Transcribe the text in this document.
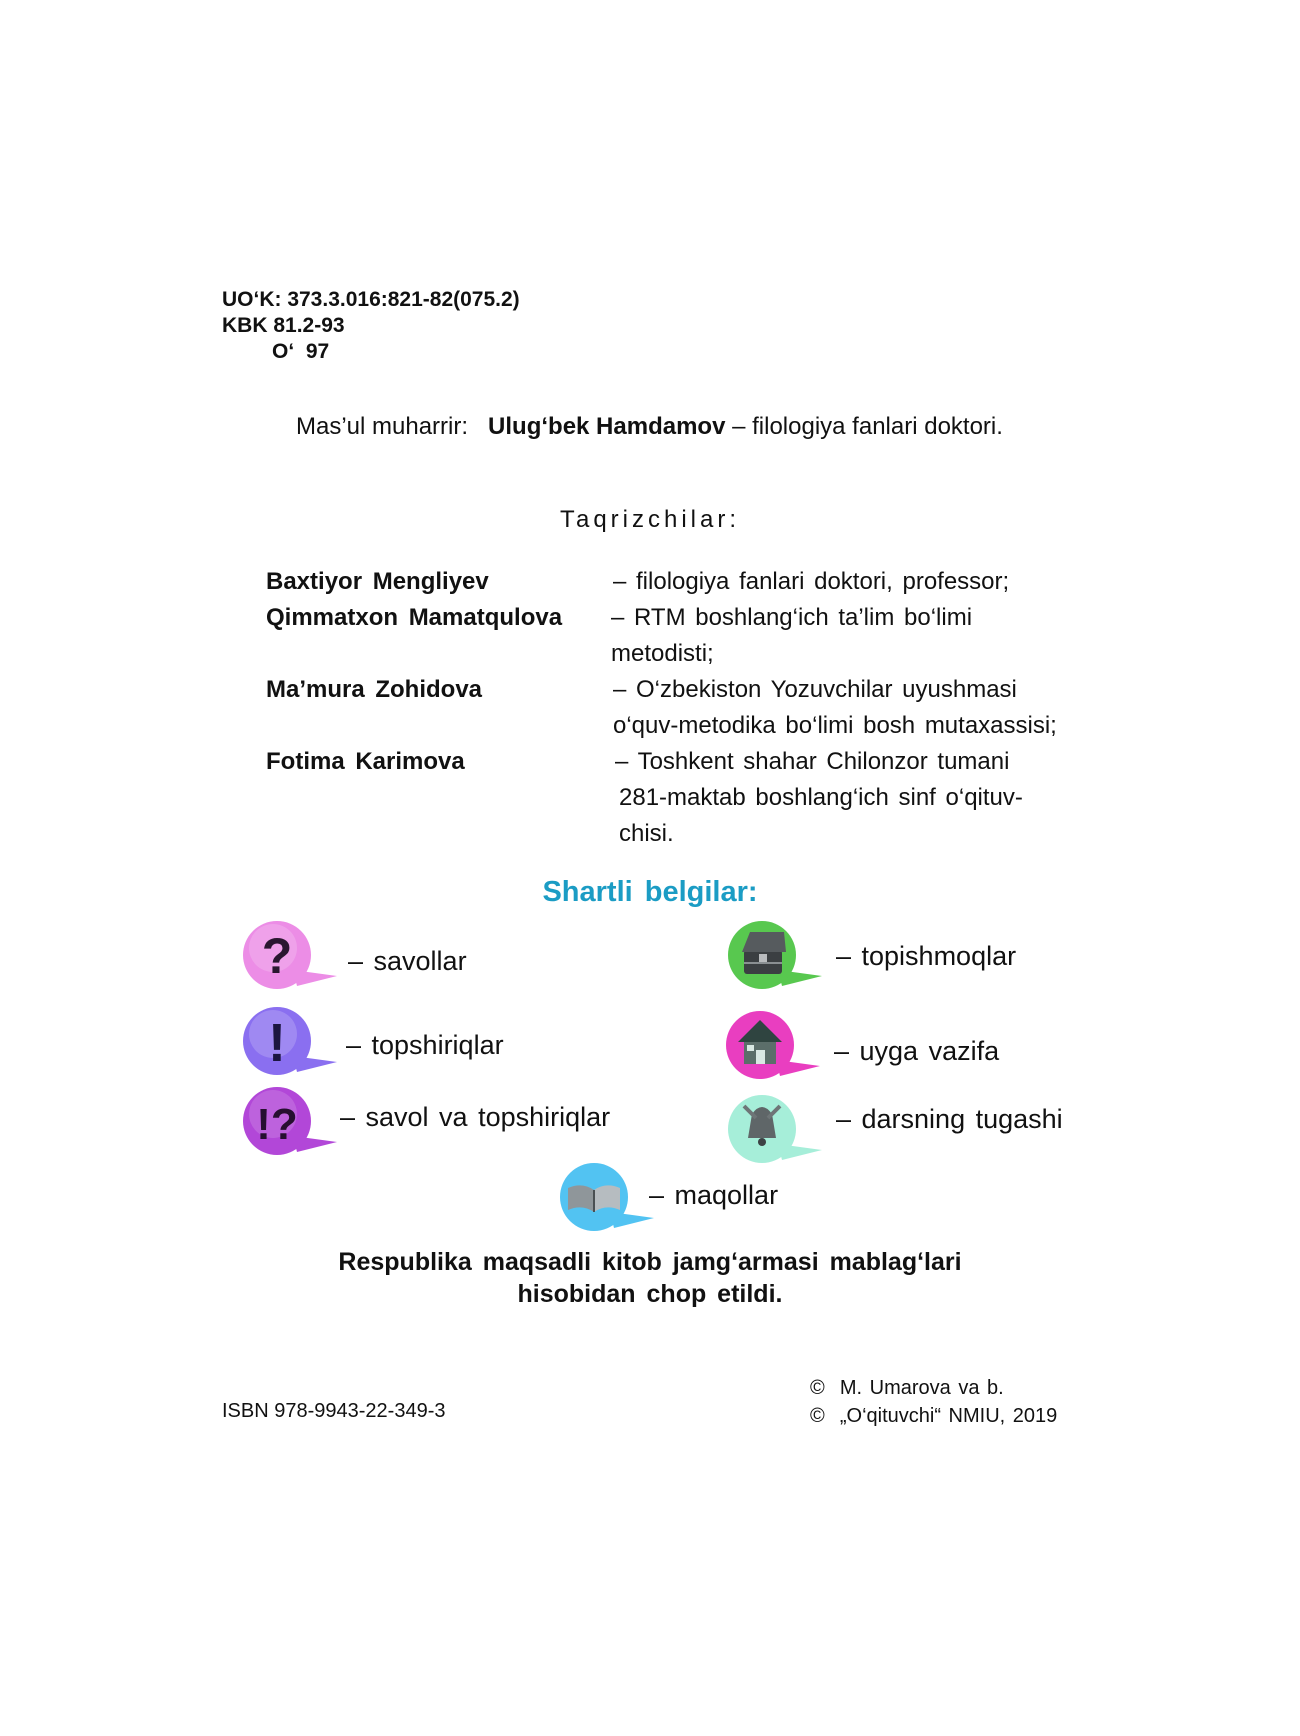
UO‘K: 373.3.016:821-82(075.2)
KBK 81.2-93
O‘  97
Mas’ul muharrir: Ulug‘bek Hamdamov – filologiya fanlari doktori.
Taqrizchilar:
Baxtiyor Mengliyev	– filologiya fanlari doktori, professor;
Qimmatxon Mamatqulova – RTM boshlang‘ich ta’lim bo‘limi
metodisti;
Ma’mura Zohidova	– O‘zbekiston Yozuvchilar uyushmasi
o‘quv-metodika bo‘limi bosh mutaxassisi;
Fotima Karimova	– Toshkent shahar Chilonzor tumani
281-maktab boshlang‘ich sinf o‘qituv-
chisi.
Shartli belgilar:
? – savollar
! – topshiriqlar
!? – savol va topshiriqlar
– topishmoqlar
– uyga vazifa
– darsning tugashi
– maqollar
Respublika maqsadli kitob jamg‘armasi mablag‘lari
hisobidan chop etildi.
ISBN 978-9943-22-349-3
©  M. Umarova va b.
©  „O‘qituvchi“ NMIU, 2019
